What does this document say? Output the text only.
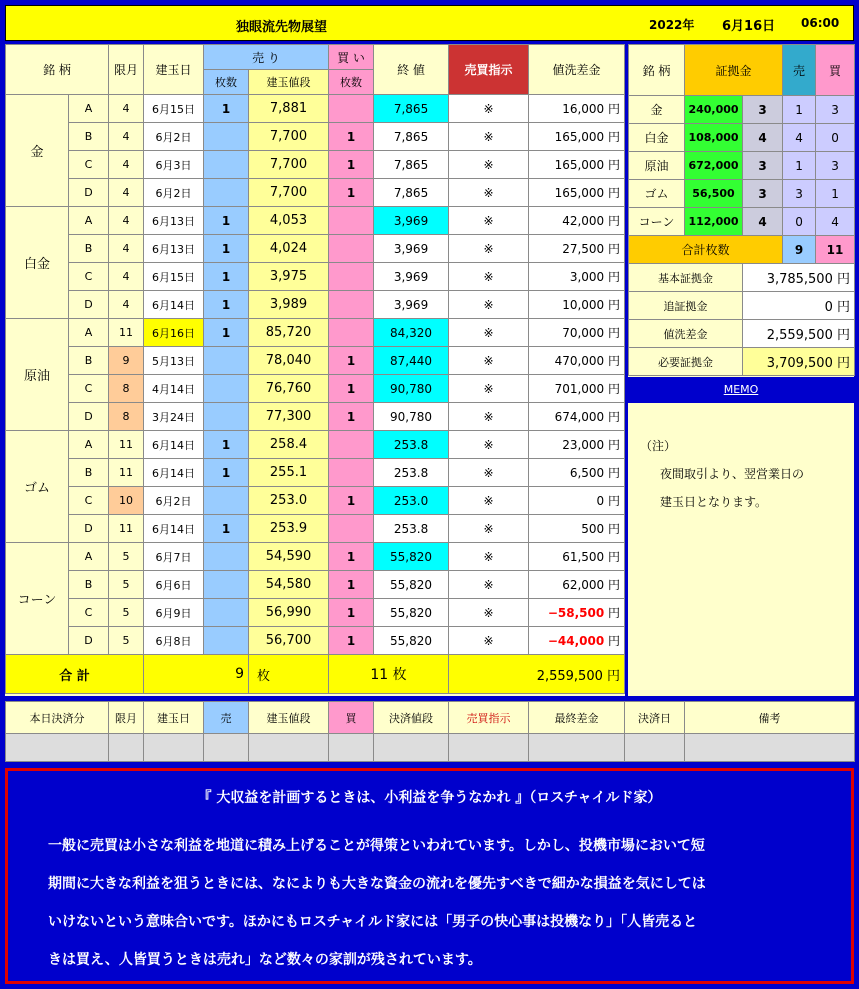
独眼流先物展望	2022年 6月16日 06:00
銘 柄		限月	建玉日	売 り		買 い	終 値	売買指示	値洗差金
				枚数	建玉値段	枚数			
金	A	4	6月15日	1	7,881		7,865	※	16,000 円
	B	4	6月2日		7,700	1	7,865	※	165,000 円
	C	4	6月3日		7,700	1	7,865	※	165,000 円
	D	4	6月2日		7,700	1	7,865	※	165,000 円
白金	A	4	6月13日	1	4,053		3,969	※	42,000 円
	B	4	6月13日	1	4,024		3,969	※	27,500 円
	C	4	6月15日	1	3,975		3,969	※	3,000 円
	D	4	6月14日	1	3,989		3,969	※	10,000 円
原油	A	11	6月16日	1	85,720		84,320	※	70,000 円
	B	9	5月13日		78,040	1	87,440	※	470,000 円
	C	8	4月14日		76,760	1	90,780	※	701,000 円
	D	8	3月24日		77,300	1	90,780	※	674,000 円
ゴム	A	11	6月14日	1	258.4		253.8	※	23,000 円
	B	11	6月14日	1	255.1		253.8	※	6,500 円
	C	10	6月2日		253.0	1	253.0	※	0 円
	D	11	6月14日	1	253.9		253.8	※	500 円
コーン	A	5	6月7日		54,590	1	55,820	※	61,500 円
	B	5	6月6日		54,580	1	55,820	※	62,000 円
	C	5	6月9日		56,990	1	55,820	※	−58,500 円
	D	5	6月8日		56,700	1	55,820	※	−44,000 円
合 計			9		枚	11 枚		2,559,500 円	
銘 柄	証拠金		売	買
金	240,000	3	1	3
白金	108,000	4	4	0
原油	672,000	3	1	3
ゴム	56,500	3	3	1
コーン	112,000	4	0	4
合計枚数			9	11
基本証拠金		3,785,500 円		
追証拠金		0 円		
値洗差金		2,559,500 円		
必要証拠金		3,709,500 円		
MEMO
（注）
夜間取引より、翌営業日の
建玉日となります。
本日決済分	限月	建玉日	売	建玉値段	買	決済値段	売買指示	最終差金	決済日	備考

『 大収益を計画するときは、小利益を争うなかれ 』（ロスチャイルド家）
一般に売買は小さな利益を地道に積み上げることが得策といわれています。しかし、投機市場において短
期間に大きな利益を狙うときには、なによりも大きな資金の流れを優先すべきで細かな損益を気にしては
いけないという意味合いです。ほかにもロスチャイルド家には「男子の快心事は投機なり」「人皆売ると
きは買え、人皆買うときは売れ」など数々の家訓が残されています。
